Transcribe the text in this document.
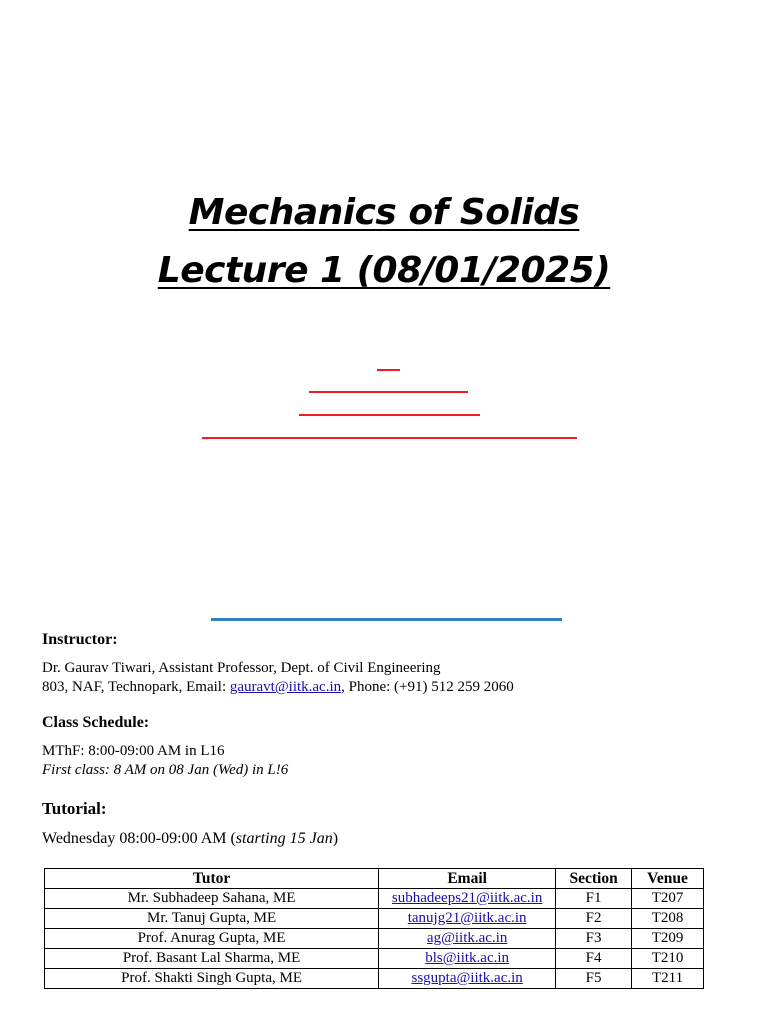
Mechanics of Solids
Lecture 1 (08/01/2025)
Instructor:
Dr. Gaurav Tiwari, Assistant Professor, Dept. of Civil Engineering
803, NAF, Technopark, Email: gauravt@iitk.ac.in, Phone: (+91) 512 259 2060
Class Schedule:
MThF: 8:00-09:00 AM in L16
First class: 8 AM on 08 Jan (Wed) in L!6
Tutorial:
Wednesday 08:00-09:00 AM (starting 15 Jan)
Tutor	Email	Section	Venue
Mr. Subhadeep Sahana, ME	subhadeeps21@iitk.ac.in	F1	T207
Mr. Tanuj Gupta, ME	tanujg21@iitk.ac.in	F2	T208
Prof. Anurag Gupta, ME	ag@iitk.ac.in	F3	T209
Prof. Basant Lal Sharma, ME	bls@iitk.ac.in	F4	T210
Prof. Shakti Singh Gupta, ME	ssgupta@iitk.ac.in	F5	T211
